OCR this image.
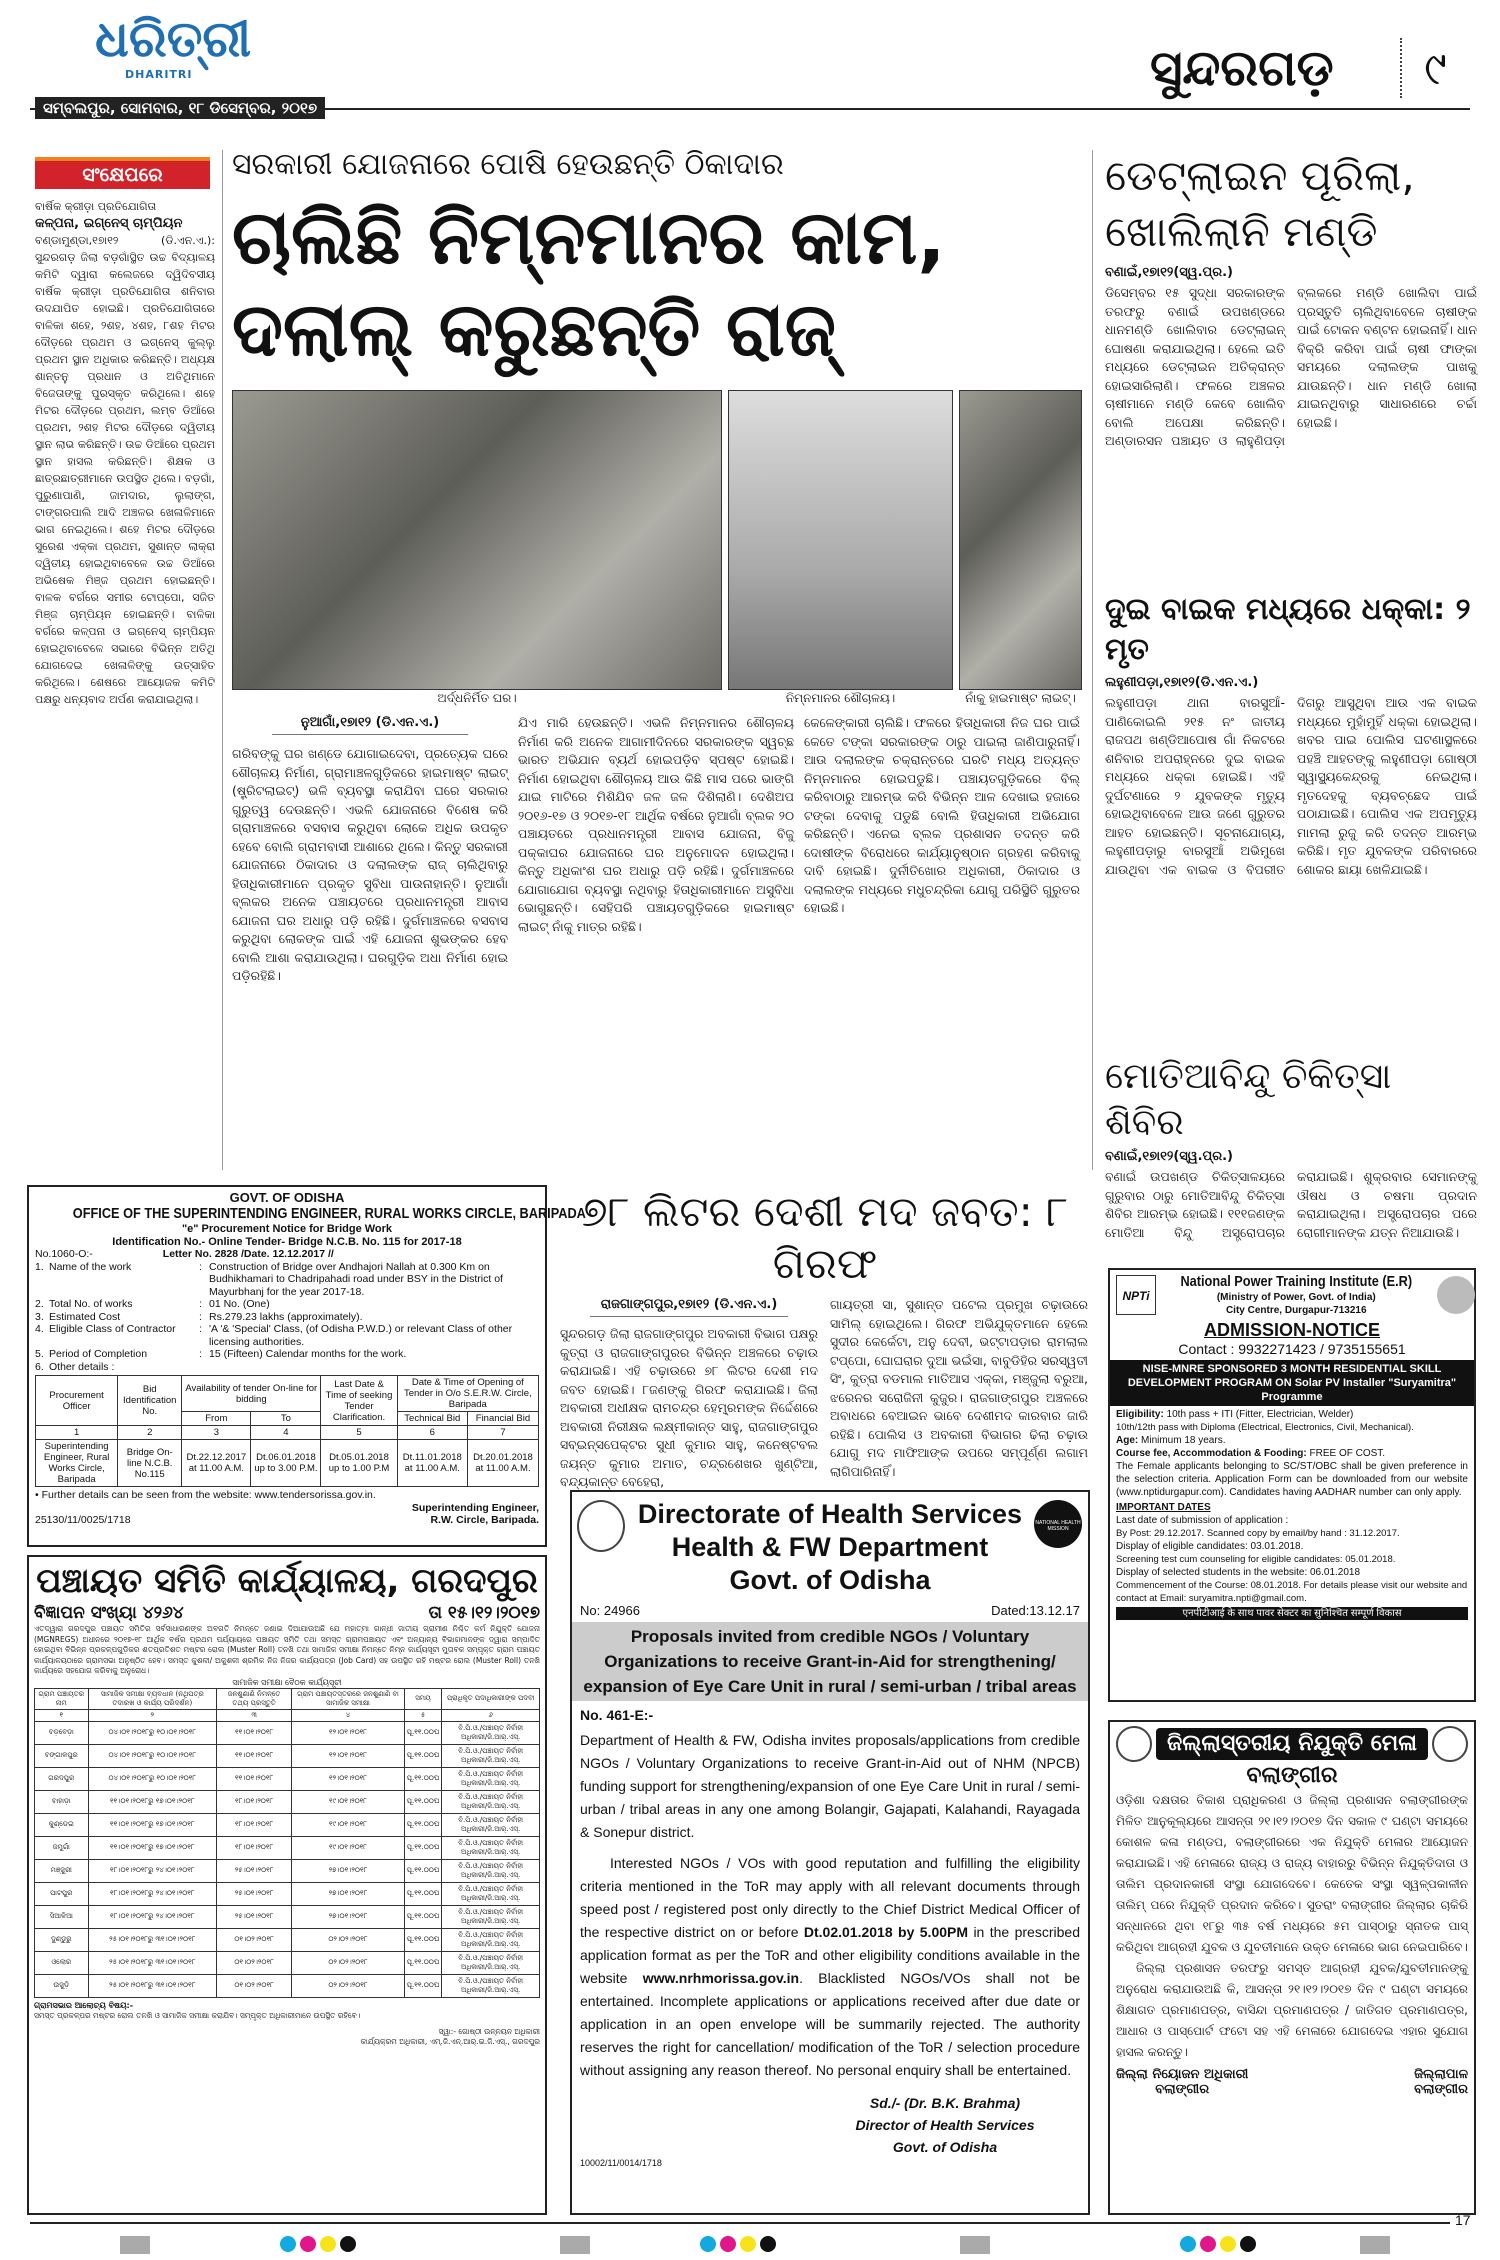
ଧରିତ୍ରୀ
DHARITRI
ସମ୍ବଲପୁର, ସୋମବାର, ୧୮ ଡିସେମ୍ବର, ୨୦୧୭
ସୁନ୍ଦରଗଡ଼	୯
ସଂକ୍ଷେପରେ
ବାର୍ଷିକ କ୍ରୀଡ଼ା ପ୍ରତିଯୋଗିତା
କଳ୍ପନା, ଇଗ୍ନେସ୍ ଚାମ୍ପିୟନ
ବଣ୍ଡାମୁଣ୍ଡା,୧୭ା୧୨ (ଡି.ଏନ.ଏ.): ସୁନ୍ଦରଗଡ଼ ଜିଲା ବଡ଼ଗାଁସ୍ଥିତ ଉଚ୍ଚ ବିଦ୍ୟାଳୟ କମିଟି ଦ୍ୱାରା କଲେଜରେ ଦ୍ୱିଦିବସୀୟ ବାର୍ଷିକ କ୍ରୀଡ଼ା ପ୍ରତିଯୋଗିତା ଶନିବାର ଉଦଯାପିତ ହୋଇଛି। ପ୍ରତିଯୋଗିତାରେ ବାଳିକା ଶହେ, ୨ଶହ, ୪ଶହ, ୮ଶହ ମିଟର ଦୌଡ଼ରେ ପ୍ରଥମ ଓ ଇଗ୍ନେସ୍ କୁଲ୍ଲୁ ପ୍ରଥମ ସ୍ଥାନ ଅଧିକାର କରିଛନ୍ତି। ଅଧ୍ୟକ୍ଷ ଶାନ୍ତନୁ ପ୍ରଧାନ ଓ ଅତିଥିମାନେ ବିଜେତାଙ୍କୁ ପୁରସ୍କୃତ କରିଥିଲେ। ଶହେ ମିଟର ଦୌଡ଼ରେ ପ୍ରଥମ, ଲମ୍ବ ଡିଆଁରେ ପ୍ରଥମ, ୨ଶହ ମିଟର ଦୌଡ଼ରେ ଦ୍ୱିତୀୟ ସ୍ଥାନ ଲାଭ କରିଛନ୍ତି। ଉଚ୍ଚ ଡିଆଁରେ ପ୍ରଥମ ସ୍ଥାନ ହାସଲ କରିଛନ୍ତି। ଶିକ୍ଷକ ଓ ଛାତ୍ରଛାତ୍ରୀମାନେ ଉପସ୍ଥିତ ଥିଲେ। ବଡ଼ଗାଁ, ପୁରୁଣାପାଣି, ଜାମଦାର, ଲୁଲାଙ୍ଗ, ଟାଙ୍ଗରପାଲି ଆଦି ଅଞ୍ଚଳର ଖେଳାଳିମାନେ ଭାଗ ନେଇଥିଲେ। ଶହେ ମିଟର ଦୌଡ଼ରେ ସୁରେଶ ଏକ୍କା ପ୍ରଥମ, ସୁଶାନ୍ତ ଲାକ୍ରା ଦ୍ୱିତୀୟ ହୋଇଥିବାବେଳେ ଉଚ୍ଚ ଡିଆଁରେ ଅଭିଷେକ ମିଞ୍ଜ ପ୍ରଥମ ହୋଇଛନ୍ତି। ବାଳକ ବର୍ଗରେ ସମୀର ଟୋପ୍ପୋ, ସଜିତ ମିଞ୍ଜ ଚାମ୍ପିୟନ ହୋଇଛନ୍ତି। ବାଳିକା ବର୍ଗରେ କଳ୍ପନା ଓ ଇଗ୍ନେସ୍ ଚାମ୍ପିୟନ ହୋଇଥିବାବେଳେ ସଭାରେ ବିଭିନ୍ନ ଅତିଥି ଯୋଗଦେଇ ଖେଳାଳିଙ୍କୁ ଉତ୍ସାହିତ କରିଥିଲେ। ଶେଷରେ ଆୟୋଜକ କମିଟି ପକ୍ଷରୁ ଧନ୍ୟବାଦ ଅର୍ପଣ କରାଯାଇଥିଲା।
ସରକାରୀ ଯୋଜନାରେ ପୋଷି ହେଉଛନ୍ତି ଠିକାଦାର
ଚାଲିଛି ନିମ୍ନମାନର କାମ,
ଦଲାଲ୍ କରୁଛନ୍ତି ରାଜ୍
ଅର୍ଦ୍ଧନିର୍ମିତ ଘର।	ନିମ୍ନମାନର ଶୌଚାଳୟ।	ନାଁକୁ ହାଇମାଷ୍ଟ ଲାଇଟ୍।
ନୁଆଗାଁ,୧୭ା୧୨ (ଡି.ଏନ.ଏ.)
ଗରିବଙ୍କୁ ଘର ଖଣ୍ଡେ ଯୋଗାଇଦେବା, ପ୍ରତ୍ୟେକ ଘରେ ଶୌଚାଳୟ ନିର୍ମାଣ, ଗ୍ରାମାଞ୍ଚଳଗୁଡ଼ିକରେ ହାଇମାଷ୍ଟ ଲାଇଟ୍ (ଷ୍ଟ୍ରିଟଲାଇଟ୍) ଭଳି ବ୍ୟବସ୍ଥା କରାଯିବା ଘରେ ସରକାର ଗୁରୁତ୍ୱ ଦେଉଛନ୍ତି। ଏଭଳି ଯୋଜନାରେ ବିଶେଷ କରି ଗ୍ରାମାଞ୍ଚଳରେ ବସବାସ କରୁଥିବା ଲୋକେ ଅଧିକ ଉପକୃତ ହେବେ ବୋଲି ଗ୍ରାମବାସୀ ଆଶାରେ ଥିଲେ। କିନ୍ତୁ ସରକାରୀ ଯୋଜନାରେ ଠିକାଦାର ଓ ଦଲାଲଙ୍କ ରାଜ୍ ଚାଲିଥିବାରୁ ହିତାଧିକାରୀମାନେ ପ୍ରକୃତ ସୁବିଧା ପାଉନାହାନ୍ତି। ନୁଆଗାଁ ବ୍ଲକର ଅନେକ ପଞ୍ଚାୟତରେ ପ୍ରଧାନମନ୍ତ୍ରୀ ଆବାସ ଯୋଜନା ଘର ଅଧାରୁ ପଡ଼ି ରହିଛି। ଦୁର୍ଗମାଞ୍ଚଳରେ ବସବାସ କରୁଥିବା ଲୋକଙ୍କ ପାଇଁ ଏହି ଯୋଜନା ଶୁଭଙ୍କର ହେବ ବୋଲି ଆଶା କରାଯାଉଥିଲା। ଘରଗୁଡ଼ିକ ଅଧା ନିର୍ମାଣ ହୋଇ ପଡ଼ିରହିଛି।
ଯିଏ ମାରି ହେଉଛନ୍ତି। ଏଭଳି ନିମ୍ନମାନର ଶୌଚାଳୟ ନିର୍ମାଣ କରି ଅନେକ ଆଗାମୀଦିନରେ ସରକାରଙ୍କ ସ୍ୱଚ୍ଛ ଭାରତ ଅଭିଯାନ ବ୍ୟର୍ଥ ହୋଇପଡ଼ିବ ସ୍ପଷ୍ଟ ହୋଇଛି। ନିର୍ମାଣ ହୋଇଥିବା ଶୌଚାଳୟ ଆଉ କିଛି ମାସ ପରେ ଭାଙ୍ଗି ଯାଇ ମାଟିରେ ମିଶିଯିବ ଜଳ ଜଳ ଦିଶିଲାଣି। ଦେଶିଅପ ୨୦୧୬-୧୭ ଓ ୨୦୧୭-୧୮ ଆର୍ଥିକ ବର୍ଷରେ ନୁଆଗାଁ ବ୍ଲକ ୨୦ ପଞ୍ଚାୟତରେ ପ୍ରଧାନମନ୍ତ୍ରୀ ଆବାସ ଯୋଜନା, ବିଜୁ ପକ୍କାଘର ଯୋଜନାରେ ଘର ଅନୁମୋଦନ ହୋଇଥିଲା। କିନ୍ତୁ ଅଧିକାଂଶ ଘର ଅଧାରୁ ପଡ଼ି ରହିଛି। ଦୁର୍ଗମାଞ୍ଚଳରେ ଯୋଗାଯୋଗ ବ୍ୟବସ୍ଥା ନଥିବାରୁ ହିତାଧିକାରୀମାନେ ଅସୁବିଧା ଭୋଗୁଛନ୍ତି। ସେହିପରି ପଞ୍ଚାୟତଗୁଡ଼ିକରେ ହାଇମାଷ୍ଟ ଲାଇଟ୍ ନାଁକୁ ମାତ୍ର ରହିଛି।
କେଳେଙ୍କାରୀ ଚାଲିଛି। ଫଳରେ ହିତାଧିକାରୀ ନିଜ ଘର ପାଇଁ କେତେ ଟଙ୍କା ସରକାରଙ୍କ ଠାରୁ ପାଇଲା ଜାଣିପାରୁନାହିଁ। ଆଉ ଦଲାଲଙ୍କ ଚକ୍ରାନ୍ତରେ ଘରଟି ମଧ୍ୟ ଅତ୍ୟନ୍ତ ନିମ୍ନମାନର ହୋଇପଡୁଛି। ପଞ୍ଚାୟତଗୁଡ଼ିକରେ ବିଲ୍ କରିବାଠାରୁ ଆରମ୍ଭ କରି ବିଭିନ୍ନ ଆଳ ଦେଖାଇ ହଜାରେ ଟଙ୍କା ଦେବାକୁ ପଡୁଛି ବୋଲି ହିତାଧିକାରୀ ଅଭିଯୋଗ କରିଛନ୍ତି। ଏନେଇ ବ୍ଲକ ପ୍ରଶାସନ ତଦନ୍ତ କରି ଦୋଷୀଙ୍କ ବିରୋଧରେ କାର୍ଯ୍ୟାନୁଷ୍ଠାନ ଗ୍ରହଣ କରିବାକୁ ଦାବି ହୋଇଛି। ଦୁର୍ନୀତିଖୋର ଅଧିକାରୀ, ଠିକାଦାର ଓ ଦଲାଲଙ୍କ ମଧ୍ୟରେ ମଧୁଚନ୍ଦ୍ରିକା ଯୋଗୁ ପରିସ୍ଥିତି ଗୁରୁତର ହୋଇଛି।
ଡେଟ୍‌ଲାଇନ ପୂରିଲା, ଖୋଲିଲାନି ମଣ୍ଡି
ବଣାଇଁ,୧୭ା୧୨(ସ୍ୱ.ପ୍ର.)
ଡିସେମ୍ବର ୧୫ ସୁଦ୍ଧା ସରକାରଙ୍କ ତରଫରୁ ବଣାଇଁ ଉପଖଣ୍ଡରେ ଧାନମଣ୍ଡି ଖୋଲିବାର ଡେଟ୍‌ଲାଇନ୍ ଘୋଷଣା କରାଯାଇଥିଲା। ହେଲେ ଇତି ମଧ୍ୟରେ ଡେଟ୍‌ଲାଇନ ଅତିକ୍ରାନ୍ତ ହୋଇସାରିଲାଣି। ଫଳରେ ଅଞ୍ଚଳର ଚାଷୀମାନେ ମଣ୍ଡି କେବେ ଖୋଲିବ ବୋଲି ଅପେକ୍ଷା କରିଛନ୍ତି। ଅଣ୍ଡାରସନ ପଞ୍ଚାୟତ ଓ ଲାହୁଣିପଡ଼ା ବ୍ଲକରେ ମଣ୍ଡି ଖୋଲିବା ପାଇଁ ପ୍ରସ୍ତୁତି ଚାଲିଥିବାବେଳେ ଚାଷୀଙ୍କ ପାଇଁ ଟୋକନ ବଣ୍ଟନ ହୋଇନାହିଁ। ଧାନ ବିକ୍ରି କରିବା ପାଇଁ ଚାଷୀ ଫାଙ୍କା ସମୟରେ ଦଲାଲଙ୍କ ପାଖକୁ ଯାଉଛନ୍ତି। ଧାନ ମଣ୍ଡି ଖୋଲା ଯାଇନଥିବାରୁ ସାଧାରଣରେ ଚର୍ଚ୍ଚା ହୋଇଛି।
ଦୁଇ ବାଇକ ମଧ୍ୟରେ ଧକ୍କା: ୨ ମୃତ
ଲହୁଣୀପଡ଼ା,୧୭ା୧୨(ଡି.ଏନ.ଏ.)
ଲହୁଣୀପଡ଼ା ଥାନା ବାରସୁଆଁ-ପାଣିକୋଇଲି ୨୧୫ ନଂ ଜାତୀୟ ରାଜପଥ ଖଣ୍ଡିଆପୋଷ ଗାଁ ନିକଟରେ ଶନିବାର ଅପରାହ୍ନରେ ଦୁଇ ବାଇକ ମଧ୍ୟରେ ଧକ୍କା ହୋଇଛି। ଏହି ଦୁର୍ଘଟଣାରେ ୨ ଯୁବକଙ୍କ ମୃତ୍ୟୁ ହୋଇଥିବାବେଳେ ଆଉ ଜଣେ ଗୁରୁତର ଆହତ ହୋଇଛନ୍ତି। ସୂଚନାଯୋଗ୍ୟ, ଲହୁଣୀପଡ଼ାରୁ ବାରସୁଆଁ ଅଭିମୁଖେ ଯାଉଥିବା ଏକ ବାଇକ ଓ ବିପରୀତ ଦିଗରୁ ଆସୁଥିବା ଆଉ ଏକ ବାଇକ ମଧ୍ୟରେ ମୁହାଁମୁହିଁ ଧକ୍କା ହୋଇଥିଲା। ଖବର ପାଇ ପୋଲିସ ଘଟଣାସ୍ଥଳରେ ପହଞ୍ଚି ଆହତଙ୍କୁ ଲହୁଣୀପଡ଼ା ଗୋଷ୍ଠୀ ସ୍ୱାସ୍ଥ୍ୟକେନ୍ଦ୍ରକୁ ନେଇଥିଲା। ମୃତଦେହକୁ ବ୍ୟବଚ୍ଛେଦ ପାଇଁ ପଠାଯାଇଛି। ପୋଲିସ ଏକ ଅପମୃତ୍ୟୁ ମାମଲା ରୁଜୁ କରି ତଦନ୍ତ ଆରମ୍ଭ କରିଛି। ମୃତ ଯୁବକଙ୍କ ପରିବାରରେ ଶୋକର ଛାୟା ଖେଳିଯାଇଛି।
ମୋତିଆବିନ୍ଦୁ ଚିକିତ୍ସା ଶିବିର
ବଣାଇଁ,୧୭ା୧୨(ସ୍ୱ.ପ୍ର.)
ବଣାଇଁ ଉପଖଣ୍ଡ ଚିକିତ୍ସାଳୟରେ ଗୁରୁବାର ଠାରୁ ମୋତିଆବିନ୍ଦୁ ଚିକିତ୍ସା ଶିବିର ଆରମ୍ଭ ହୋଇଛି। ୧୧୧ଜଣଙ୍କ ମୋତିଆ ବିନ୍ଦୁ ଅସ୍ତ୍ରୋପଚାର କରାଯାଇଛି। ଶୁକ୍ରବାର ସେମାନଙ୍କୁ ଔଷଧ ଓ ଚଷମା ପ୍ରଦାନ କରାଯାଇଥିଲା। ଅସ୍ତ୍ରୋପଚାର ପରେ ରୋଗୀମାନଙ୍କ ଯତ୍ନ ନିଆଯାଉଛି।
GOVT. OF ODISHA
OFFICE OF THE SUPERINTENDING ENGINEER, RURAL WORKS CIRCLE, BARIPADA
"e" Procurement Notice for Bridge Work
Identification No.- Online Tender- Bridge N.C.B. No. 115 for 2017-18
No.1060-O:-	Letter No. 2828 /Date. 12.12.2017 //
1. Name of the work	: Construction of Bridge over Andhajori Nallah at 0.300 Km on Budhikhamari to Chadripahadi road under BSY in the District of Mayurbhanj for the year 2017-18.
2. Total No. of works	: 01 No. (One)
3. Estimated Cost	: Rs.279.23 lakhs (approximately).
4. Eligible Class of Contractor	: 'A '& 'Special' Class, (of Odisha P.W.D.) or relevant Class of other licensing authorities.
5. Period of Completion	: 15 (Fifteen) Calendar months for the work.
6. Other details :
Procurement Officer	Bid Identification No.	Availability of tender On-line for bidding		Last Date & Time of seeking Tender Clarification.	Date & Time of Opening of Tender in O/o S.E.R.W. Circle, Baripada	
		From	To		Technical Bid	Financial Bid
1	2	3	4	5	6	7
Superintending Engineer, Rural Works Circle, Baripada	Bridge On-line N.C.B. No.115	Dt.22.12.2017 at 11.00 A.M.	Dt.06.01.2018 up to 3.00 P.M.	Dt.05.01.2018 up to 1.00 P.M	Dt.11.01.2018 at 11.00 A.M.	Dt.20.01.2018 at 11.00 A.M.
• Further details can be seen from the website: www.tendersorissa.gov.in.
25130/11/0025/1718
Superintending Engineer,
R.W. Circle, Baripada.
ପଞ୍ଚାୟତ ସମିତି କାର୍ଯ୍ୟାଳୟ, ଗରଦପୁର
ବିଜ୍ଞାପନ ସଂଖ୍ୟା ୪୨୬୪	ତା ୧୫।୧୨।୨୦୧୭
ଏତଦ୍ୱାରା ଗରଦପୁର ପଞ୍ଚାୟତ ସମିତିର ସର୍ବସାଧାରଣଙ୍କ ଅବଗତି ନିମନ୍ତେ ଜଣାଇ ଦିଆଯାଉଅଛି ଯେ ମହାତ୍ମା ଗାନ୍ଧୀ ଜାତୀୟ ଗ୍ରାମୀଣ ନିଶ୍ଚିତ କର୍ମ ନିଯୁକ୍ତି ଯୋଜନା (MGNREGS) ଅଧୀନରେ ୨୦୧୭-୧୮ ଆର୍ଥିକ ବର୍ଷର ପ୍ରଥମ ପର୍ଯ୍ୟାୟରେ ପଞ୍ଚାୟତ ସମିତି ତଥା ସମସ୍ତ ଗ୍ରାମପଞ୍ଚାୟତ ଏବଂ ଅନ୍ୟାନ୍ୟ ବିଭାଗମାନଙ୍କ ଦ୍ୱାରା ସମ୍ପାଦିତ ହୋଇଥିବା ବିଭିନ୍ନ ପ୍ରକଳ୍ପଗୁଡ଼ିକର ଶତପ୍ରତିଶତ ମଷ୍ଟର ରୋଲ (Muster Roll) ତନଖି ତଥା ସାମାଜିକ ସମୀକ୍ଷା ନିମନ୍ତେ ନିମ୍ନ କାର୍ଯ୍ୟସୂଚୀ ମୁତାବକ ସମ୍ପୃକ୍ତ ଗ୍ରାମ ପଞ୍ଚାୟତ କାର୍ଯ୍ୟାଳୟଠାରେ ଗ୍ରାମସଭା ଅନୁଷ୍ଠିତ ହେବ। ସମସ୍ତ କୁଶଳୀ/ ଅକୁଶଳୀ ଶ୍ରମିକ ନିଜ ନିଜର କାର୍ଯ୍ୟପତ୍ର (Job Card) ସହ ଉପସ୍ଥିତ ରହି ମଷ୍ଟର ରୋଲ (Muster Roll) ତନଖି କାର୍ଯ୍ୟରେ ସହଯୋଗ କରିବାକୁ ଅନୁରୋଧ।
ସାମାଜିକ ସମୀକ୍ଷା ବୈଠକ କାର୍ଯ୍ୟସୂଚୀ
ଗ୍ରାମ ପଞ୍ଚାୟତର ନାମ	ସାମାଜିକ ସମୀକ୍ଷା ବ୍ୟବଧାନ (ନଥିପତ୍ର ତଦାରଖ ଓ କାର୍ଯ୍ୟ ପରିଦର୍ଶନ)	ଜନଶୁଣାଣି ନିମନ୍ତେ ତଥ୍ୟ ପ୍ରସ୍ତୁତି	ଗ୍ରାମ ପଞ୍ଚାୟତସ୍ତରରେ ଜନଶୁଣାଣି ବା ସାମାଜିକ ସମୀକ୍ଷା	ସମୟ	ପ୍ରାଧିକୃତ ପଦାଧିକାରୀଙ୍କ ପଦବୀ
୧	୨	୩	୪	୫	୬
ବଡ଼ବେଡ଼ା	୦୪।୦୧।୨୦୧୮ରୁ ୧୦।୦୧।୨୦୧୮	୧୧।୦୧।୨୦୧୮	୧୨।୦୧।୨୦୧୮	ପୂ.୧୧.୦୦ଘ	ବି.ପି.ଓ./ପଞ୍ଚାୟତ ନିର୍ବାହୀ ଅଧିକାରୀ/ଜି.ଆର୍.ଏସ୍.
ବଙ୍ଗାଳପୁର	୦୪।୦୧।୨୦୧୮ରୁ ୧୦।୦୧।୨୦୧୮	୧୧।୦୧।୨୦୧୮	୧୨।୦୧।୨୦୧୮	ପୂ.୧୧.୦୦ଘ	ବି.ପି.ଓ./ପଞ୍ଚାୟତ ନିର୍ବାହୀ ଅଧିକାରୀ/ଜି.ଆର୍.ଏସ୍.
ଗରଦପୁର	୦୪।୦୧।୨୦୧୮ରୁ ୧୦।୦୧।୨୦୧୮	୧୧।୦୧।୨୦୧୮	୧୨।୦୧।୨୦୧୮	ପୂ.୧୧.୦୦ଘ	ବି.ପି.ଓ./ପଞ୍ଚାୟତ ନିର୍ବାହୀ ଅଧିକାରୀ/ଜି.ଆର୍.ଏସ୍.
ବାହାଡ଼ା	୧୧।୦୧।୨୦୧୮ରୁ ୧୭।୦୧।୨୦୧୮	୧୮।୦୧।୨୦୧୮	୧୯।୦୧।୨୦୧୮	ପୂ.୧୧.୦୦ଘ	ବି.ପି.ଓ./ପଞ୍ଚାୟତ ନିର୍ବାହୀ ଅଧିକାରୀ/ଜି.ଆର୍.ଏସ୍.
କୁଣ୍ଡେଇ	୧୧।୦୧।୨୦୧୮ରୁ ୧୭।୦୧।୨୦୧୮	୧୮।୦୧।୨୦୧୮	୧୯।୦୧।୨୦୧୮	ପୂ.୧୧.୦୦ଘ	ବି.ପି.ଓ./ପଞ୍ଚାୟତ ନିର୍ବାହୀ ଅଧିକାରୀ/ଜି.ଆର୍.ଏସ୍.
ଜମୁଗାଁ	୧୧।୦୧।୨୦୧୮ରୁ ୧୭।୦୧।୨୦୧୮	୧୮।୦୧।୨୦୧୮	୧୯।୦୧।୨୦୧୮	ପୂ.୧୧.୦୦ଘ	ବି.ପି.ଓ./ପଞ୍ଚାୟତ ନିର୍ବାହୀ ଅଧିକାରୀ/ଜି.ଆର୍.ଏସ୍.
ମଞ୍ଜୁରୀ	୧୮।୦୧।୨୦୧୮ରୁ ୨୪।୦୧।୨୦୧୮	୨୫।୦୧।୨୦୧୮	୨୭।୦୧।୨୦୧୮	ପୂ.୧୧.୦୦ଘ	ବି.ପି.ଓ./ପଞ୍ଚାୟତ ନିର୍ବାହୀ ଅଧିକାରୀ/ଜି.ଆର୍.ଏସ୍.
ପାଟପୁର	୧୮।୦୧।୨୦୧୮ରୁ ୨୪।୦୧।୨୦୧୮	୨୫।୦୧।୨୦୧୮	୨୭।୦୧।୨୦୧୮	ପୂ.୧୧.୦୦ଘ	ବି.ପି.ଓ./ପଞ୍ଚାୟତ ନିର୍ବାହୀ ଅଧିକାରୀ/ଜି.ଆର୍.ଏସ୍.
ସିଆଳିଆ	୧୮।୦୧।୨୦୧୮ରୁ ୨୪।୦୧।୨୦୧୮	୨୫।୦୧।୨୦୧୮	୨୭।୦୧।୨୦୧୮	ପୂ.୧୧.୦୦ଘ	ବି.ପି.ଓ./ପଞ୍ଚାୟତ ନିର୍ବାହୀ ଅଧିକାରୀ/ଜି.ଆର୍.ଏସ୍.
ଦୁଣ୍ଡୁରୁ	୨୫।୦୧।୨୦୧୮ରୁ ୩୧।୦୧।୨୦୧୮	୦୧।୦୨।୨୦୧୮	୦୨।୦୨।୨୦୧୮	ପୂ.୧୧.୦୦ଘ	ବି.ପି.ଓ./ପଞ୍ଚାୟତ ନିର୍ବାହୀ ଅଧିକାରୀ/ଜି.ଆର୍.ଏସ୍.
ଓଲୋର	୨୫।୦୧।୨୦୧୮ରୁ ୩୧।୦୧।୨୦୧୮	୦୧।୦୨।୨୦୧୮	୦୨।୦୨।୨୦୧୮	ପୂ.୧୧.୦୦ଘ	ବି.ପି.ଓ./ପଞ୍ଚାୟତ ନିର୍ବାହୀ ଅଧିକାରୀ/ଜି.ଆର୍.ଏସ୍.
ଉଜୁଡ଼ି	୨୫।୦୧।୨୦୧୮ରୁ ୩୧।୦୧।୨୦୧୮	୦୧।୦୨।୨୦୧୮	୦୨।୦୨।୨୦୧୮	ପୂ.୧୧.୦୦ଘ	ବି.ପି.ଓ./ପଞ୍ଚାୟତ ନିର୍ବାହୀ ଅଧିକାରୀ/ଜି.ଆର୍.ଏସ୍.
ଗ୍ରାମସଭାର ଆଲୋଚ୍ୟ ବିଷୟ:-
ସମସ୍ତ ପ୍ରକଳ୍ପର ମଷ୍ଟର ରୋଲ ତନଖି ଓ ସାମାଜିକ ସମୀକ୍ଷା କରାଯିବ। ସମ୍ପୃକ୍ତ ଅଧିକାରୀମାନେ ଉପସ୍ଥିତ ରହିବେ।
ସ୍ୱା:- ଗୋଷ୍ଠୀ ଉନ୍ନୟନ ଅଧିକାରୀ
କାର୍ଯ୍ୟକ୍ରମ ଅଧିକାରୀ, ଏମ୍.ଜି.ଏନ୍.ଆର୍.ଇ.ଜି.ଏସ୍., ଗରଦପୁର
୭୮ ଲିଟର ଦେଶୀ ମଦ ଜବତ: ୮ ଗିରଫ
ରାଜଗାଙ୍ଗପୁର,୧୭ା୧୨ (ଡି.ଏନ.ଏ.)
ସୁନ୍ଦରଗଡ଼ ଜିଲା ରାଜଗାଙ୍ଗପୁର ଅବକାରୀ ବିଭାଗ ପକ୍ଷରୁ କୁତ୍ରା ଓ ରାଜଗାଙ୍ଗପୁରର ବିଭିନ୍ନ ଅଞ୍ଚଳରେ ଚଢ଼ାଉ କରାଯାଇଛି। ଏହି ଚଢ଼ାଉରେ ୭୮ ଲିଟର ଦେଶୀ ମଦ ଜବତ ହୋଇଛି। ୮ଜଣଙ୍କୁ ଗିରଫ କରାଯାଇଛି। ଜିଲା ଅବକାରୀ ଅଧୀକ୍ଷକ ରାମଚନ୍ଦ୍ର ହେମ୍ବ୍ରମଙ୍କ ନିର୍ଦ୍ଦେଶରେ ଅବକାରୀ ନିରୀକ୍ଷକ ଲକ୍ଷ୍ମୀକାନ୍ତ ସାହୁ, ରାଜଗାଙ୍ଗପୁର ସବ୍‌ଇନ୍‌ସପେକ୍ଟର ସୁଧୀ କୁମାର ସାହୁ, କନେଷ୍ଟବଲ ଜୟନ୍ତ କୁମାର ଅମାତ, ଚନ୍ଦ୍ରଶେଖର ଖୁଣ୍ଟିଆ, ବନ୍ଦ୍ୟକାନ୍ତ ବେହେରା,
ଗାୟତ୍ରୀ ସା, ସୁଶାନ୍ତ ପଟେଲ ପ୍ରମୁଖ ଚଢ଼ାଉରେ ସାମିଲ୍ ହୋଇଥିଲେ। ଗିରଫ ଅଭିଯୁକ୍ତମାନେ ହେଲେ ସୁଦୀର କେର୍କେଟା, ଅନୁ ଦେବୀ, ଭଟ୍ଟାପଡ଼ାର ରାମଲାଲ ଟପ୍ପୋ, ଘୋଘରାର ଦୁଆ ଭଇଁସା, ବାବୁଡିହିର ସରସ୍ୱତୀ ସିଂ, କୁତ୍ରା ବଡମାଲ ମାତିଆସ ଏକ୍କା, ମଞ୍ଜୁଲା ବରୁଆ, ଝରେନର ସରୋଜିନୀ କୁଜୁର। ରାଜଗାଙ୍ଗପୁର ଅଞ୍ଚଳରେ ଅବାଧରେ ବେଆଇନ ଭାବେ ଦେଶୀମଦ କାରବାର ଜାରି ରହିଛି। ପୋଲିସ ଓ ଅବକାରୀ ବିଭାଗର ଢିଲା ଚଢ଼ାଉ ଯୋଗୁ ମଦ ମାଫିଆଙ୍କ ଉପରେ ସମ୍ପୂର୍ଣ୍ଣ ଲଗାମ ଲାଗିପାରିନାହିଁ।
NATIONAL HEALTH MISSION
Directorate of Health Services
Health & FW Department
Govt. of Odisha
No: 24966	Dated:13.12.17
Proposals invited from credible NGOs / Voluntary Organizations to receive Grant-in-Aid for strengthening/ expansion of Eye Care Unit in rural / semi-urban / tribal areas
No. 461-E:-

Department of Health & FW, Odisha invites proposals/applications from credible NGOs / Voluntary Organizations to receive Grant-in-Aid out of NHM (NPCB) funding support for strengthening/expansion of one Eye Care Unit in rural / semi-urban / tribal areas in any one among Bolangir, Gajapati, Kalahandi, Rayagada & Sonepur district.

Interested NGOs / VOs with good reputation and fulfilling the eligibility criteria mentioned in the ToR may apply with all relevant documents through speed post / registered post only directly to the Chief District Medical Officer of the respective district on or before Dt.02.01.2018 by 5.00PM in the prescribed application format as per the ToR and other eligibility conditions available in the website www.nrhmorissa.gov.in. Blacklisted NGOs/VOs shall not be entertained. Incomplete applications or applications received after due date or application in an open envelope will be summarily rejected. The authority reserves the right for cancellation/ modification of the ToR / selection procedure without assigning any reason thereof. No personal enquiry shall be entertained.

Sd./- (Dr. B.K. Brahma)
Director of Health Services
Govt. of Odisha
10002/11/0014/1718
NPTi
National Power Training Institute (E.R)
(Ministry of Power, Govt. of India)
City Centre, Durgapur-713216
ADMISSION-NOTICE
Contact : 9932271423 / 9735155651
NISE-MNRE SPONSORED 3 MONTH RESIDENTIAL SKILL DEVELOPMENT PROGRAM ON Solar PV Installer "Suryamitra" Programme
Eligibility: 10th pass + ITI (Fitter, Electrician, Welder)
10th/12th pass with Diploma (Electrical, Electronics, Civil, Mechanical).
Age: Minimum 18 years.
Course fee, Accommodation & Fooding: FREE OF COST.
The Female applicants belonging to SC/ST/OBC shall be given preference in the selection criteria. Application Form can be downloaded from our website (www.nptidurgapur.com). Candidates having AADHAR number can only apply.
IMPORTANT DATES
Last date of submission of application :
By Post: 29.12.2017. Scanned copy by email/by hand : 31.12.2017.
Display of eligible candidates: 03.01.2018.
Screening test cum counseling for eligible candidates: 05.01.2018.
Display of selected students in the website: 06.01.2018
Commencement of the Course: 08.01.2018. For details please visit our website and contact at Email: suryamitra.npti@gmail.com.
एनपीटीआई के साथ पावर सेक्टर का सुनिश्चित सम्पूर्ण विकास
ଜିଲ୍ଲାସ୍ତରୀୟ ନିଯୁକ୍ତି ମେଳା
ବଲାଙ୍ଗୀର

ଓଡ଼ିଶା ଦକ୍ଷତାର ବିକାଶ ପ୍ରାଧିକରଣ ଓ ଜିଲ୍ଲା ପ୍ରଶାସନ ବଲାଙ୍ଗୀରଙ୍କ ମିଳିତ ଆନୁକୂଲ୍ୟରେ ଆସନ୍ତା ୨୧।୧୨।୨୦୧୭ ଦିନ ସକାଳ ୯ ଘଣ୍ଟା ସମୟରେ କୋଶଳ କଳା ମଣ୍ଡପ, ବଲାଙ୍ଗୀରରେ ଏକ ନିଯୁକ୍ତି ମେଳାର ଆୟୋଜନ କରାଯାଇଛି। ଏହି ମେଳାରେ ରାଜ୍ୟ ଓ ରାଜ୍ୟ ବାହାରରୁ ବିଭିନ୍ନ ନିଯୁକ୍ତିଦାତା ଓ ତାଲିମ ପ୍ରଦାନକାରୀ ସଂସ୍ଥା ଯୋଗଦେବେ। କେତେକ ସଂସ୍ଥା ସ୍ୱଳ୍ପକାଳୀନ ତାଲିମ୍ ପରେ ନିଯୁକ୍ତି ପ୍ରଦାନ କରିବେ। ସୁତରାଂ ବଲାଙ୍ଗୀର ଜିଲ୍ଲାର ଚାକିରି ସନ୍ଧାନରେ ଥିବା ୧୮ରୁ ୩୫ ବର୍ଷ ମଧ୍ୟରେ ୫ମ ପାସ୍‌ଠାରୁ ସ୍ନାତକ ପାସ୍ କରିଥିବା ଆଗ୍ରହୀ ଯୁବକ ଓ ଯୁବତୀମାନେ ଉକ୍ତ ମେଳାରେ ଭାଗ ନେଇପାରିବେ।

ଜିଲ୍ଲା ପ୍ରଶାସନ ତରଫରୁ ସମସ୍ତ ଆଗ୍ରହୀ ଯୁବକ/ଯୁବତୀମାନଙ୍କୁ ଅନୁରୋଧ କରାଯାଉଅଛି କି, ଆସନ୍ତା ୨୧।୧୨।୨୦୧୭ ଦିନ ୯ ଘଣ୍ଟା ସମୟରେ ଶିକ୍ଷାଗତ ପ୍ରମାଣପତ୍ର, ବାସିନ୍ଦା ପ୍ରମାଣପତ୍ର / ଜାତିଗତ ପ୍ରମାଣପତ୍ର, ଆଧାର ଓ ପାସ୍‌ପୋର୍ଟ ଫଟୋ ସହ ଏହି ମେଳାରେ ଯୋଗଦେଇ ଏହାର ସୁଯୋଗ ହାସଲ କରନ୍ତୁ।

ଜିଲ୍ଲା ନିୟୋଜନ ଅଧିକାରୀ
ବଲାଙ୍ଗୀର
ଜିଲ୍ଲାପାଳ
ବଲାଙ୍ଗୀର
17
